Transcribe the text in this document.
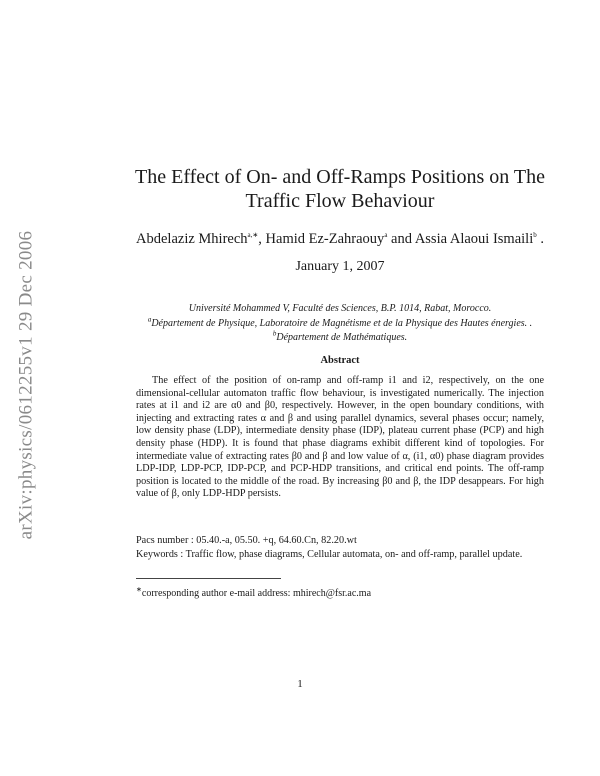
arXiv:physics/0612255v1 29 Dec 2006
The Effect of On- and Off-Ramps Positions on The
Traffic Flow Behaviour
Abdelaziz Mhirech$^{a,∗}$, Hamid Ez-Zahraouy$^a$ and Assia Alaoui Ismaili$^b$ .
January 1, 2007
Université Mohammed V, Faculté des Sciences, B.P. 1014, Rabat, Morocco.
$^a$Département de Physique, Laboratoire de Magnétisme et de la Physique des Hautes énergies. .
$^b$Département de Mathématiques.
Abstract

The effect of the position of on-ramp and off-ramp i1 and i2, respectively, on the one dimensional-cellular automaton traffic flow behaviour, is investigated numerically. The injection rates at i1 and i2 are α0 and β0, respectively. However, in the open boundary conditions, with injecting and extracting rates α and β and using parallel dynamics, several phases occur; namely, low density phase (LDP), intermediate density phase (IDP), plateau current phase (PCP) and high density phase (HDP). It is found that phase diagrams exhibit different kind of topologies. For intermediate value of extracting rates β0 and β and low value of α, (i1, α0) phase diagram provides LDP-IDP, LDP-PCP, IDP-PCP, and PCP-HDP transitions, and critical end points. The off-ramp position is located to the middle of the road. By increasing β0 and β, the IDP desappears. For high value of β, only LDP-HDP persists.

Pacs number : 05.40.-a, 05.50. +q, 64.60.Cn, 82.20.wt
Keywords : Traffic flow, phase diagrams, Cellular automata, on- and off-ramp, parallel update.
∗corresponding author e-mail address: mhirech@fsr.ac.ma
1
